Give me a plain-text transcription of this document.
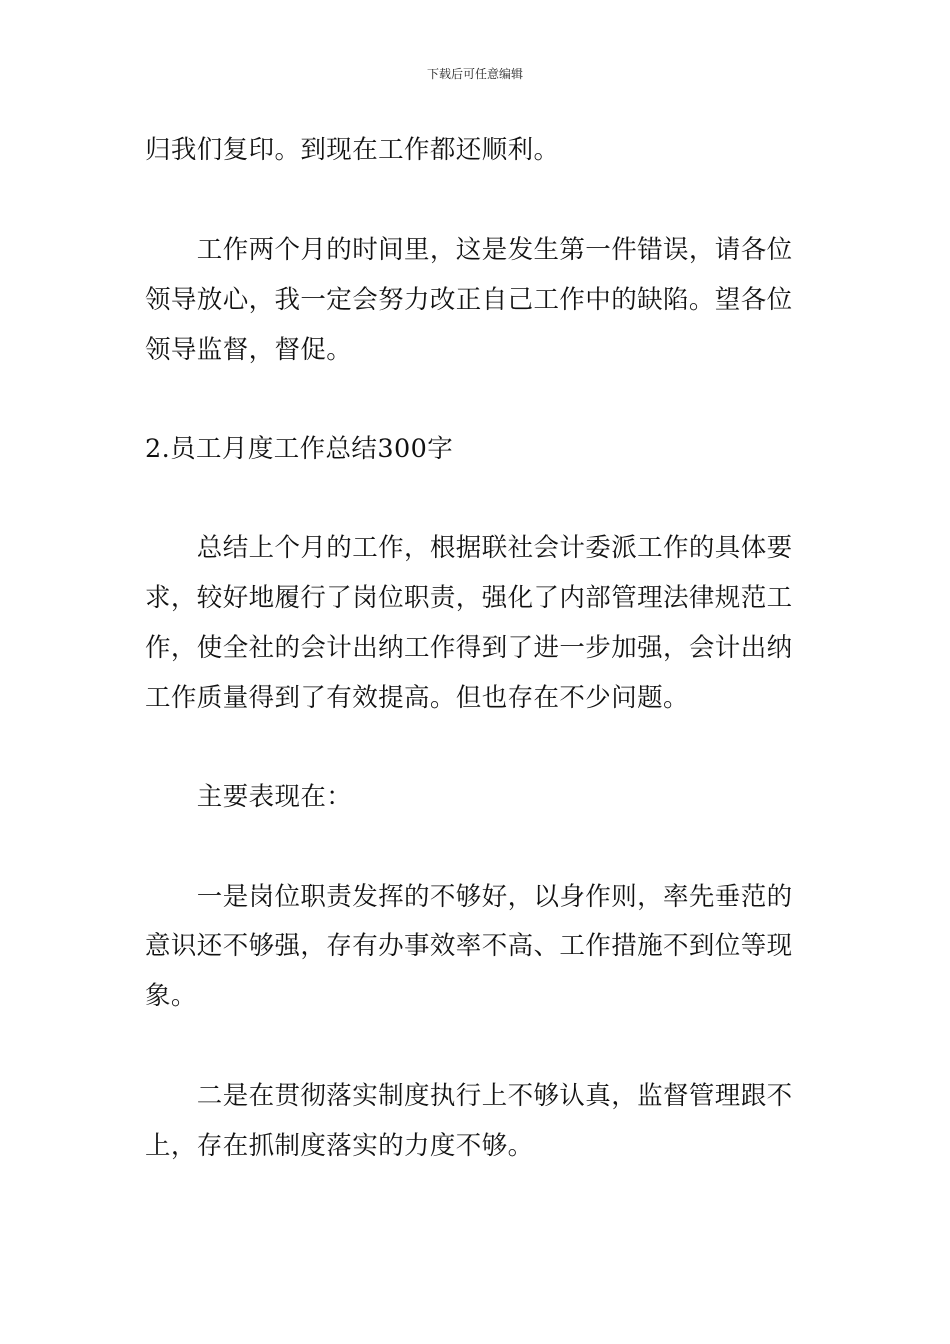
下载后可任意编辑
归我们复印。到现在工作都还顺利。
　　工作两个月的时间里，这是发生第一件错误，请各位
领导放心，我一定会努力改正自己工作中的缺陷。望各位
领导监督，督促。
2.员工月度工作总结300字
　　总结上个月的工作，根据联社会计委派工作的具体要
求，较好地履行了岗位职责，强化了内部管理法律规范工
作，使全社的会计出纳工作得到了进一步加强，会计出纳
工作质量得到了有效提高。但也存在不少问题。
　　主要表现在：
　　一是岗位职责发挥的不够好，以身作则，率先垂范的
意识还不够强，存有办事效率不高、工作措施不到位等现
象。
　　二是在贯彻落实制度执行上不够认真，监督管理跟不
上，存在抓制度落实的力度不够。
